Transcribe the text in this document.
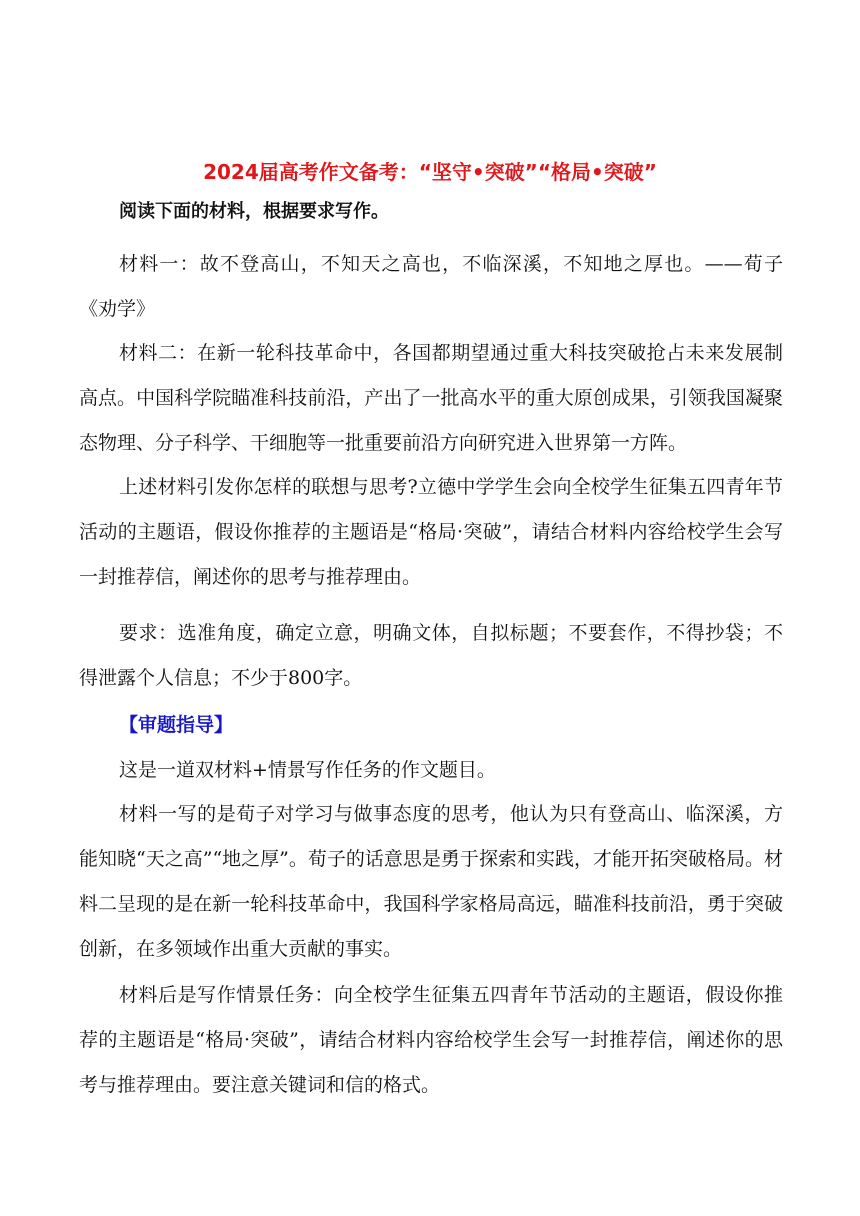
2024届高考作文备考：“坚守•突破”“格局•突破”

阅读下面的材料，根据要求写作。

材料一：故不登高山，不知天之高也，不临深溪，不知地之厚也。——荀子《劝学》

材料二：在新一轮科技革命中，各国都期望通过重大科技突破抢占未来发展制高点。中国科学院瞄准科技前沿，产出了一批高水平的重大原创成果，引领我国凝聚态物理、分子科学、干细胞等一批重要前沿方向研究进入世界第一方阵。

上述材料引发你怎样的联想与思考?立德中学学生会向全校学生征集五四青年节活动的主题语，假设你推荐的主题语是“格局·突破”，请结合材料内容给校学生会写一封推荐信，阐述你的思考与推荐理由。

要求：选准角度，确定立意，明确文体，自拟标题；不要套作，不得抄袋；不得泄露个人信息；不少于800字。

【审题指导】

这是一道双材料+情景写作任务的作文题目。

材料一写的是荀子对学习与做事态度的思考，他认为只有登高山、临深溪，方能知晓“天之高”“地之厚”。荀子的话意思是勇于探索和实践，才能开拓突破格局。材料二呈现的是在新一轮科技革命中，我国科学家格局高远，瞄准科技前沿，勇于突破创新，在多领域作出重大贡献的事实。

材料后是写作情景任务：向全校学生征集五四青年节活动的主题语，假设你推荐的主题语是“格局·突破”，请结合材料内容给校学生会写一封推荐信，阐述你的思考与推荐理由。要注意关键词和信的格式。
